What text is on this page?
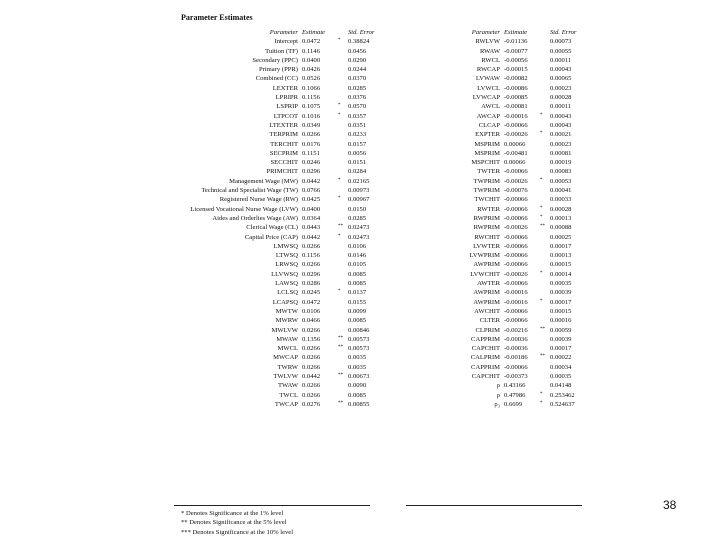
Parameter Estimates
Parameter	Estimate		Std. Error
Intercept	0.0472	*	0.38824
Tuition (TF)	0.1146		0.0456
Secondary (PPC)	0.0400		0.0290
Primary (PPR)	0.0426		0.0244
Combined (CC)	0.0526		0.0370
LEXTER	0.1066		0.0285
LPRIPR	0.1156		0.0376
LSPRIP	0.1075	*	0.0570
LTPCOT	0.1016	*	0.0357
LTEXTER	0.0349		0.0351
TERPRIM	0.0266		0.0233
TERCHIT	0.0176		0.0157
SECPRIM	0.1151		0.0056
SECCHIT	0.0246		0.0151
PRIMCHIT	0.0296		0.0284
Management Wage (MW)	0.0442	*	0.02165
Technical and Specialist Wage (TW)	0.0766		0.00973
Registered Nurse Wage (RW)	0.0425	*	0.00967
Licensed Vocational Nurse Wage (LVW)	0.0400		0.0150
Aides and Orderlies Wage (AW)	0.0364		0.0285
Clerical Wage (CL)	0.0443	**	0.02473
Capital Price (CAP)	0.0442	*	0.02473
LMWSQ	0.0266		0.0106
LTWSQ	0.1156		0.0146
LRWSQ	0.0266		0.0105
LLVWSQ	0.0296		0.0085
LAWSQ	0.0286		0.0085
LCLSQ	0.0245	*	0.0137
LCAPSQ	0.0472		0.0155
MWTW	0.0106		0.0099
MWRW	0.0466		0.0085
MWLVW	0.0266		0.00846
MWAW	0.1356	**	0.00573
MWCL	0.0266	**	0.00573
MWCAP	0.0266		0.0035
TWRW	0.0266		0.0035
TWLVW	0.0442	**	0.00673
TWAW	0.0266		0.0090
TWCL	0.0266		0.0085
TWCAP	0.0276	**	0.00855
Parameter	Estimate		Std. Error
RWLVW	-0.01136		0.00073
RWAW	-0.00077		0.00055
RWCL	-0.00056		0.00011
RWCAP	-0.00015		0.00043
LVWAW	-0.00082		0.00065
LVWCL	-0.00086		0.00023
LVWCAP	-0.00085		0.00028
AWCL	-0.00081		0.00011
AWCAP	-0.00016	*	0.00043
CLCAP	-0.00066		0.00043
EXPTER	-0.00026	*	0.00021
MSPRIM	0.00066		0.00023
MSPRIM	-0.00481		0.00081
MSPCHIT	0.00066		0.00019
TWTER	-0.00066		0.00083
TWPRIM	-0.00026	*	0.00053
TWPRIM	-0.00076		0.00041
TWCHIT	-0.00066		0.00033
RWTER	-0.00066	*	0.00028
RWPRIM	-0.00066	*	0.00013
RWPRIM	-0.00026	**	0.00088
RWCHIT	-0.00066		0.00025
LVWTER	-0.00066		0.00017
LVWPRIM	-0.00066		0.00013
AWPRIM	-0.00066		0.00015
LVWCHIT	-0.00026	*	0.00014
AWTER	-0.00066		0.00035
AWPRIM	-0.00016		0.00039
AWPRIM	-0.00016	*	0.00017
AWCHIT	-0.00066		0.00015
CLTER	-0.00066		0.00016
CLPRIM	-0.00216	**	0.00059
CAPPRIM	-0.00036		0.00039
CAPCHIT	-0.00036		0.00017
CALPRIM	-0.00186	**	0.00022
CAPPRIM	-0.00066		0.00034
CAPCHIT	-0.00373		0.00035
ρ	0.43166		0.04148
ρ	0.47986	*	0.253462
ρ₃	0.6699	*	0.524637
* Denotes Significance at the 1% level
** Denotes Significance at the 5% level
*** Denotes Significance at the 10% level
38
